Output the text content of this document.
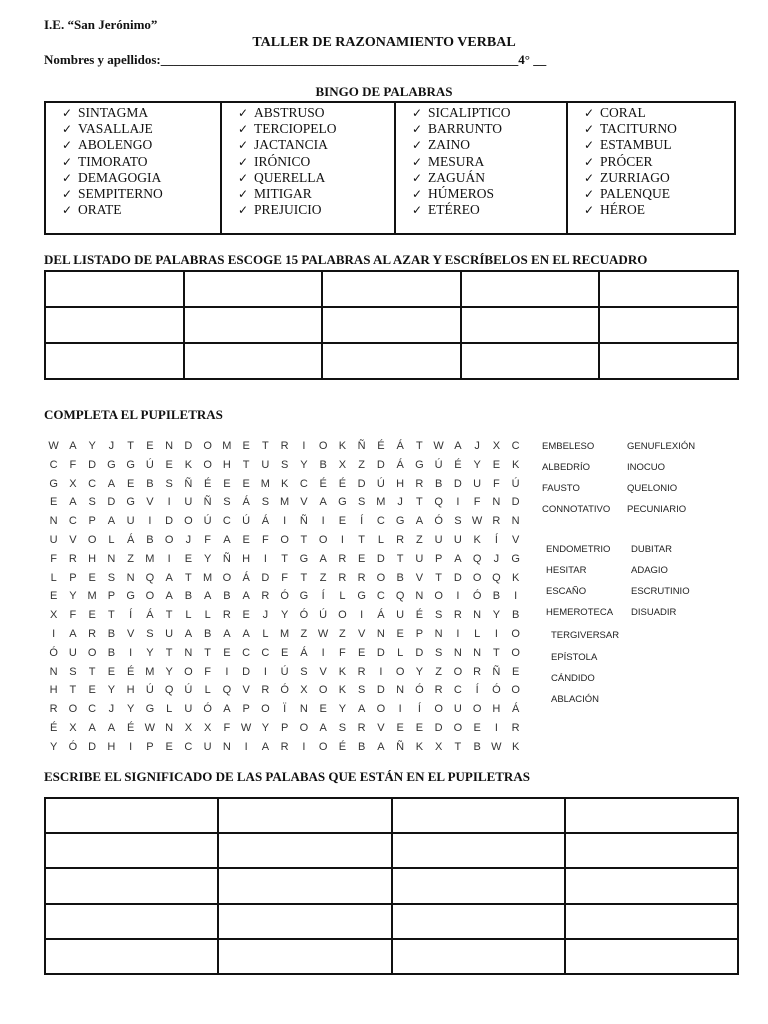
I.E. “San Jerónimo”
TALLER DE RAZONAMIENTO VERBAL
Nombres y apellidos:_______________________________________________________4° __
BINGO DE PALABRAS
✓ SINTAGMA
✓ VASALLAJE
✓ ABOLENGO
✓ TIMORATO
✓ DEMAGOGIA
✓ SEMPITERNO
✓ ORATE
✓ ABSTRUSO
✓ TERCIOPELO
✓ JACTANCIA
✓ IRÓNICO
✓ QUERELLA
✓ MITIGAR
✓ PREJUICIO
✓ SICALIPTICO
✓ BARRUNTO
✓ ZAINO
✓ MESURA
✓ ZAGUÁN
✓ HÚMEROS
✓ ETÉREO
✓ CORAL
✓ TACITURNO
✓ ESTAMBUL
✓ PRÓCER
✓ ZURRIAGO
✓ PALENQUE
✓ HÉROE
DEL LISTADO DE PALABRAS ESCOGE 15 PALABRAS AL AZAR Y ESCRÍBELOS EN EL RECUADRO

COMPLETA EL PUPILETRAS
W A Y J T E N D O M E T R I O K Ñ É Á T W A J X C
C F D G G Ú E K O H T U S Y B X Z D Á G Ú É Y E K
G X C A E B S Ñ É E E M K C É É D Ú H R B D U F Ú
E A S D G V I U Ñ S Á S M V A G S M J T Q I F N D
N C P A U I D O Ú C Ú Á I Ñ I E Í C G A Ó S W R N
U V O L Á B O J F A E F O T O I T L R Z U U K Í V
F R H N Z M I E Y Ñ H I T G A R E D T U P A Q J G
L P E S N Q A T M O Á D F T Z R R O B V T D O Q K
E Y M P G O A B A B A R Ó G Í L G C Q N O I Ó B I
X F E T Í Á T L L R E J Y Ó Ú O I Á U É S R N Y B
I A R B V S U A B A A L M Z W Z V N E P N I L I O
Ó U O B I Y T N T E C C E Á I F E D L D S N N T O
N S T E É M Y O F I D I Ú S V K R I O Y Z O R Ñ E
H T E Y H Ú Q Ú L Q V R Ó X O K S D N Ó R C Í Ó O
R O C J Y G L U Ó A P O Ï N E Y A O I Í O U O H Á
É X A A É W N X X F W Y P O A S R V E E D O E I R
Y Ó D H I P E C U N I A R I O É B A Ñ K X T B W K
EMBELESO	GENUFLEXIÓN
ALBEDRÍO	INOCUO
FAUSTO	QUELONIO
CONNOTATIVO PECUNIARIO
ENDOMETRIO DUBITAR
HESITAR	ADAGIO
ESCAÑO	ESCRUTINIO
HEMEROTECA DISUADIR
TERGIVERSAR
EPÍSTOLA
CÁNDIDO
ABLACIÓN
ESCRIBE EL SIGNIFICADO DE LAS PALABAS QUE ESTÁN EN EL PUPILETRAS
